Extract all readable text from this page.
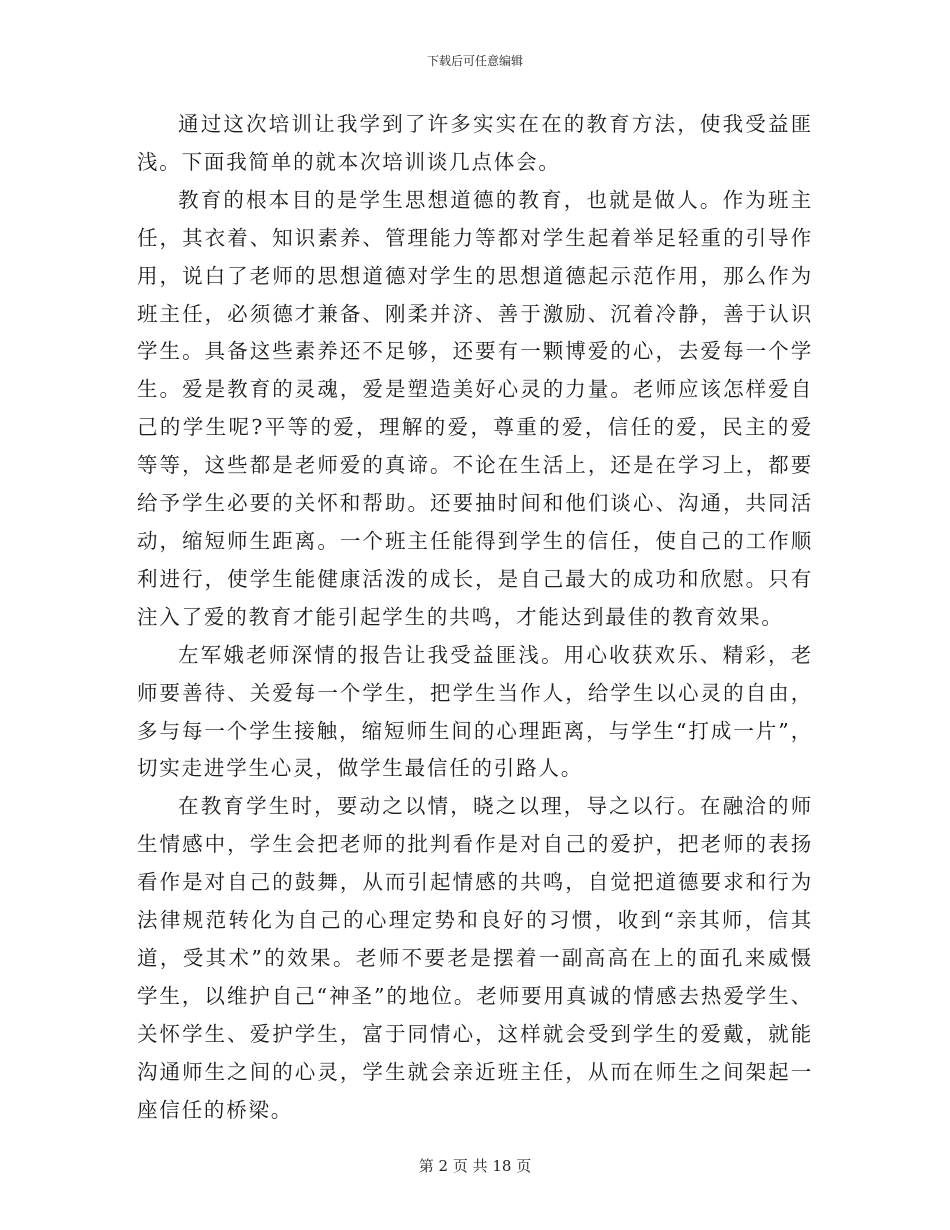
下载后可任意编辑

通过这次培训让我学到了许多实实在在的教育方法，使我受益匪浅。下面我简单的就本次培训谈几点体会。

教育的根本目的是学生思想道德的教育，也就是做人。作为班主任，其衣着、知识素养、管理能力等都对学生起着举足轻重的引导作用，说白了老师的思想道德对学生的思想道德起示范作用，那么作为班主任，必须德才兼备、刚柔并济、善于激励、沉着冷静，善于认识学生。具备这些素养还不足够，还要有一颗博爱的心，去爱每一个学生。爱是教育的灵魂，爱是塑造美好心灵的力量。老师应该怎样爱自己的学生呢?平等的爱，理解的爱，尊重的爱，信任的爱，民主的爱等等，这些都是老师爱的真谛。不论在生活上，还是在学习上，都要给予学生必要的关怀和帮助。还要抽时间和他们谈心、沟通，共同活动，缩短师生距离。一个班主任能得到学生的信任，使自己的工作顺利进行，使学生能健康活泼的成长，是自己最大的成功和欣慰。只有注入了爱的教育才能引起学生的共鸣，才能达到最佳的教育效果。

左军娥老师深情的报告让我受益匪浅。用心收获欢乐、精彩，老师要善待、关爱每一个学生，把学生当作人，给学生以心灵的自由，多与每一个学生接触，缩短师生间的心理距离，与学生“打成一片”，切实走进学生心灵，做学生最信任的引路人。

在教育学生时，要动之以情，晓之以理，导之以行。在融洽的师生情感中，学生会把老师的批判看作是对自己的爱护，把老师的表扬看作是对自己的鼓舞，从而引起情感的共鸣，自觉把道德要求和行为法律规范转化为自己的心理定势和良好的习惯，收到“亲其师，信其道，受其术”的效果。老师不要老是摆着一副高高在上的面孔来威慑学生，以维护自己“神圣”的地位。老师要用真诚的情感去热爱学生、关怀学生、爱护学生，富于同情心，这样就会受到学生的爱戴，就能沟通师生之间的心灵，学生就会亲近班主任，从而在师生之间架起一座信任的桥梁。

第 2 页 共 18 页
